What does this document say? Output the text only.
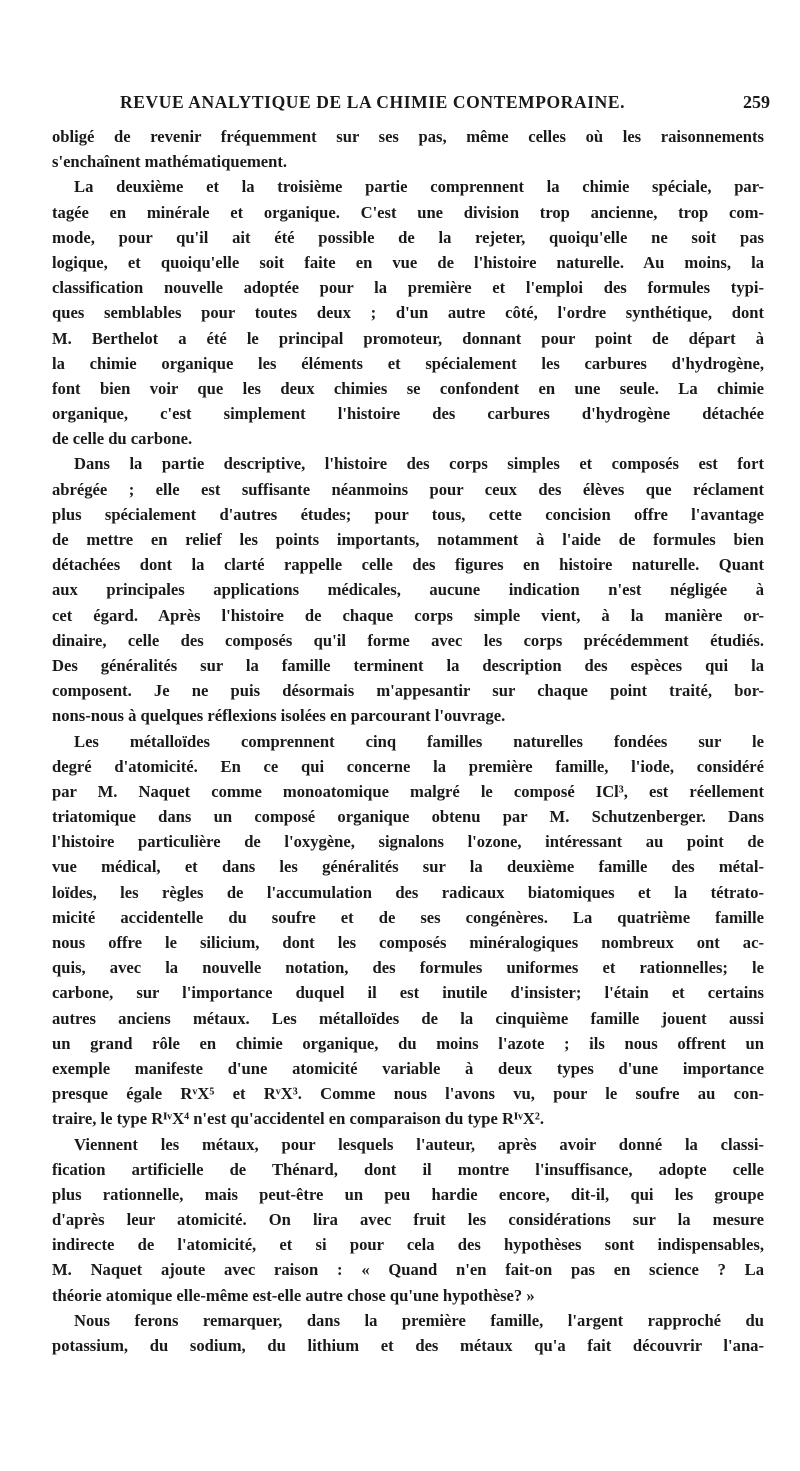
REVUE ANALYTIQUE DE LA CHIMIE CONTEMPORAINE.	259
obligé de revenir fréquemment sur ses pas, même celles où les raisonnements
s'enchaînent mathématiquement.
La deuxième et la troisième partie comprennent la chimie spéciale, par-
tagée en minérale et organique. C'est une division trop ancienne, trop com-
mode, pour qu'il ait été possible de la rejeter, quoiqu'elle ne soit pas
logique, et quoiqu'elle soit faite en vue de l'histoire naturelle. Au moins, la
classification nouvelle adoptée pour la première et l'emploi des formules typi-
ques semblables pour toutes deux ; d'un autre côté, l'ordre synthétique, dont
M. Berthelot a été le principal promoteur, donnant pour point de départ à
la chimie organique les éléments et spécialement les carbures d'hydrogène,
font bien voir que les deux chimies se confondent en une seule. La chimie
organique, c'est simplement l'histoire des carbures d'hydrogène détachée
de celle du carbone.
Dans la partie descriptive, l'histoire des corps simples et composés est fort
abrégée ; elle est suffisante néanmoins pour ceux des élèves que réclament
plus spécialement d'autres études; pour tous, cette concision offre l'avantage
de mettre en relief les points importants, notamment à l'aide de formules bien
détachées dont la clarté rappelle celle des figures en histoire naturelle. Quant
aux principales applications médicales, aucune indication n'est négligée à
cet égard. Après l'histoire de chaque corps simple vient, à la manière or-
dinaire, celle des composés qu'il forme avec les corps précédemment étudiés.
Des généralités sur la famille terminent la description des espèces qui la
composent. Je ne puis désormais m'appesantir sur chaque point traité, bor-
nons-nous à quelques réflexions isolées en parcourant l'ouvrage.
Les métalloïdes comprennent cinq familles naturelles fondées sur le
degré d'atomicité. En ce qui concerne la première famille, l'iode, considéré
par M. Naquet comme monoatomique malgré le composé ICl³, est réellement
triatomique dans un composé organique obtenu par M. Schutzenberger. Dans
l'histoire particulière de l'oxygène, signalons l'ozone, intéressant au point de
vue médical, et dans les généralités sur la deuxième famille des métal-
loïdes, les règles de l'accumulation des radicaux biatomiques et la tétrato-
micité accidentelle du soufre et de ses congénères. La quatrième famille
nous offre le silicium, dont les composés minéralogiques nombreux ont ac-
quis, avec la nouvelle notation, des formules uniformes et rationnelles; le
carbone, sur l'importance duquel il est inutile d'insister; l'étain et certains
autres anciens métaux. Les métalloïdes de la cinquième famille jouent aussi
un grand rôle en chimie organique, du moins l'azote ; ils nous offrent un
exemple manifeste d'une atomicité variable à deux types d'une importance
presque égale RᵛX⁵ et RᵛX³. Comme nous l'avons vu, pour le soufre au con-
traire, le type RᴵᵛX⁴ n'est qu'accidentel en comparaison du type RᴵᵛX².
Viennent les métaux, pour lesquels l'auteur, après avoir donné la classi-
fication artificielle de Thénard, dont il montre l'insuffisance, adopte celle
plus rationnelle, mais peut-être un peu hardie encore, dit-il, qui les groupe
d'après leur atomicité. On lira avec fruit les considérations sur la mesure
indirecte de l'atomicité, et si pour cela des hypothèses sont indispensables,
M. Naquet ajoute avec raison : « Quand n'en fait-on pas en science ? La
théorie atomique elle-même est-elle autre chose qu'une hypothèse? »
Nous ferons remarquer, dans la première famille, l'argent rapproché du
potassium, du sodium, du lithium et des métaux qu'a fait découvrir l'ana-
